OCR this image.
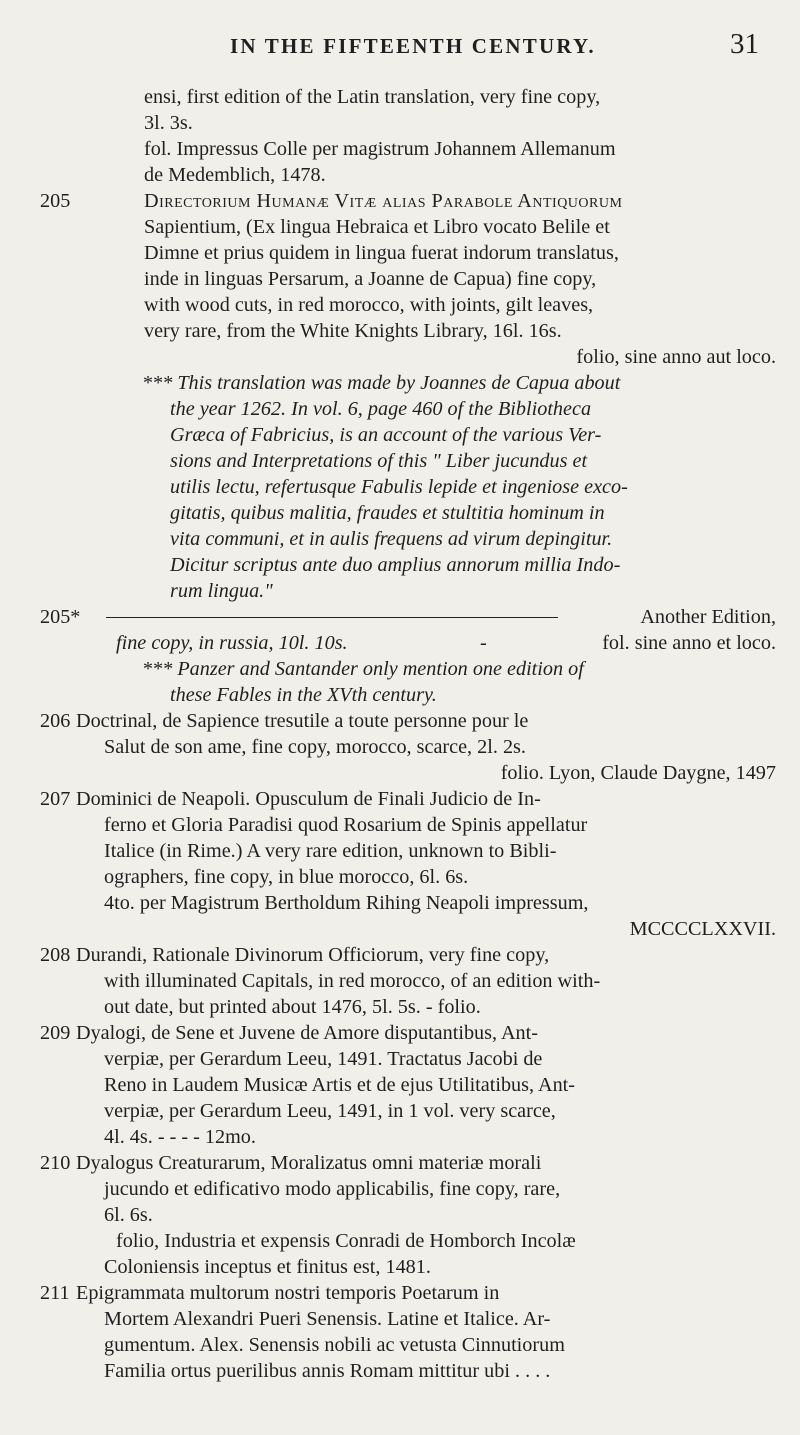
IN THE FIFTEENTH CENTURY.	31
ensi, first edition of the Latin translation, very fine copy,
3l. 3s.
fol. Impressus Colle per magistrum Johannem Allemanum
de Medemblich, 1478.
205	Directorium Humanæ Vitæ alias Parabole Antiquorum
Sapientium, (Ex lingua Hebraica et Libro vocato Belile et
Dimne et prius quidem in lingua fuerat indorum translatus,
inde in linguas Persarum, a Joanne de Capua) fine copy,
with wood cuts, in red morocco, with joints, gilt leaves,
very rare, from the White Knights Library, 16l. 16s.
folio, sine anno aut loco.
*** This translation was made by Joannes de Capua about
the year 1262. In vol. 6, page 460 of the Bibliotheca
Græca of Fabricius, is an account of the various Ver-
sions and Interpretations of this " Liber jucundus et
utilis lectu, refertusque Fabulis lepide et ingeniose exco-
gitatis, quibus malitia, fraudes et stultitia hominum in
vita communi, et in aulis frequens ad virum depingitur.
Dicitur scriptus ante duo amplius annorum millia Indo-
rum lingua."
205*	Another Edition,
fine copy, in russia, 10l. 10s.	-	fol. sine anno et loco.
*** Panzer and Santander only mention one edition of
these Fables in the XVth century.
206 Doctrinal, de Sapience tresutile a toute personne pour le
Salut de son ame, fine copy, morocco, scarce, 2l. 2s.
folio. Lyon, Claude Daygne, 1497
207 Dominici de Neapoli. Opusculum de Finali Judicio de In-
ferno et Gloria Paradisi quod Rosarium de Spinis appellatur
Italice (in Rime.) A very rare edition, unknown to Bibli-
ographers, fine copy, in blue morocco, 6l. 6s.
4to. per Magistrum Bertholdum Rihing Neapoli impressum,
MCCCCLXXVII.
208 Durandi, Rationale Divinorum Officiorum, very fine copy,
with illuminated Capitals, in red morocco, of an edition with-
out date, but printed about 1476, 5l. 5s. - folio.
209 Dyalogi, de Sene et Juvene de Amore disputantibus, Ant-
verpiæ, per Gerardum Leeu, 1491. Tractatus Jacobi de
Reno in Laudem Musicæ Artis et de ejus Utilitatibus, Ant-
verpiæ, per Gerardum Leeu, 1491, in 1 vol. very scarce,
4l. 4s. - - - - 12mo.
210 Dyalogus Creaturarum, Moralizatus omni materiæ morali
jucundo et edificativo modo applicabilis, fine copy, rare,
6l. 6s.
folio, Industria et expensis Conradi de Homborch Incolæ
Coloniensis inceptus et finitus est, 1481.
211 Epigrammata multorum nostri temporis Poetarum in
Mortem Alexandri Pueri Senensis. Latine et Italice. Ar-
gumentum. Alex. Senensis nobili ac vetusta Cinnutiorum
Familia ortus puerilibus annis Romam mittitur ubi . . . .
